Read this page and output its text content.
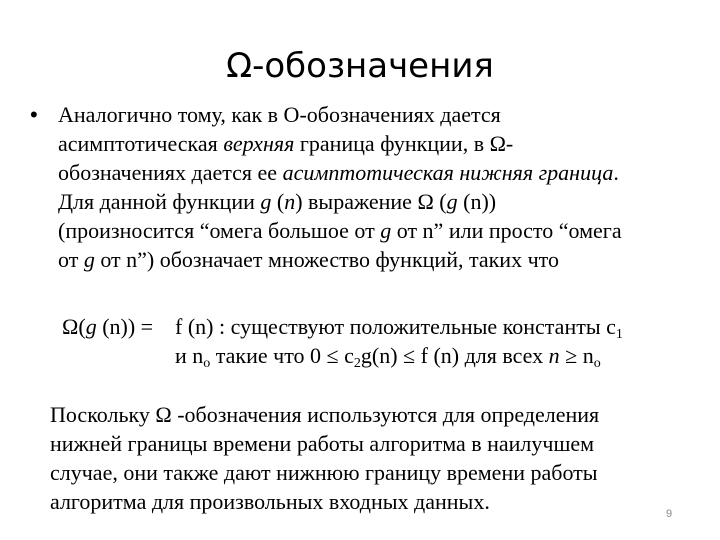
Ω-обозначения
• Аналогично тому, как в О-обозначениях дается
асимптотическая верхняя граница функции, в Ω-
обозначениях дается ее асимптотическая нижняя граница.
Для данной функции g (n) выражение Ω (g (n))
(произносится “омега большое от g от n” или просто “омега
от g от n”) обозначает множество функций, таких что
Ω(g (n)) = f (n) : существуют положительные константы $c_1$
и $n_o$ такие что $0 \le c_2g(n) \le f$ (n) для всех $n \ge n_o$
Поскольку Ω -обозначения используются для определения
нижней границы времени работы алгоритма в наилучшем
случае, они также дают нижнюю границу времени работы
алгоритма для произвольных входных данных.	9
